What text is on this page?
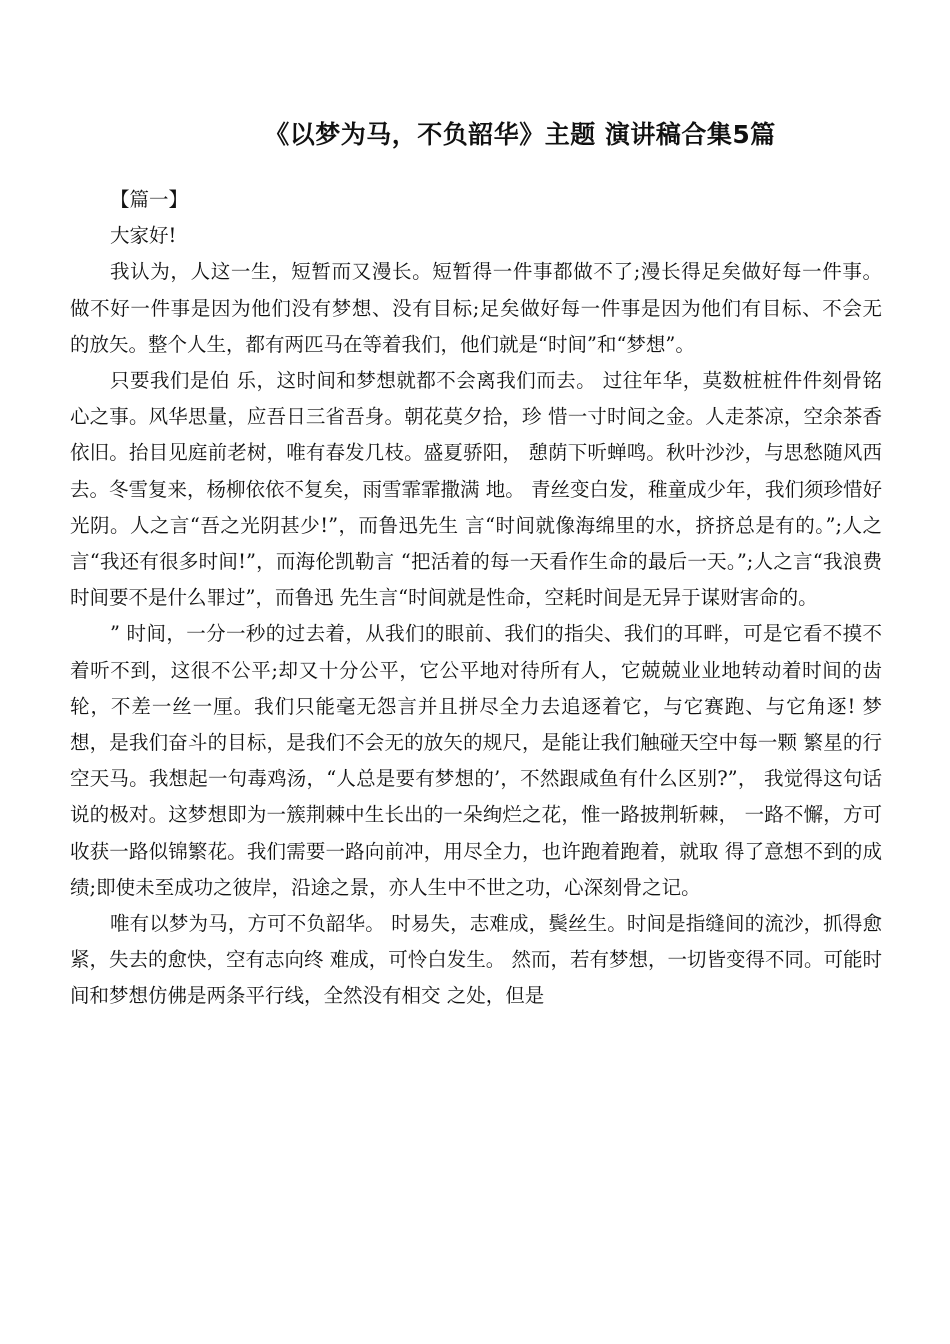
《以梦为马，不负韶华》主题 演讲稿合集5篇

【篇一】

大家好!

我认为，人这一生，短暂而又漫长。短暂得一件事都做不了;漫长得足矣做好每一件事。 做不好一件事是因为他们没有梦想、没有目标;足矣做好每一件事是因为他们有目标、不会无 的放矢。整个人生，都有两匹马在等着我们，他们就是“时间”和“梦想”。

只要我们是伯 乐，这时间和梦想就都不会离我们而去。 过往年华，莫数桩桩件件刻骨铭心之事。风华思量，应吾日三省吾身。朝花莫夕拾，珍 惜一寸时间之金。人走茶凉，空余茶香依旧。抬目见庭前老树，唯有春发几枝。盛夏骄阳， 憩荫下听蝉鸣。秋叶沙沙，与思愁随风西去。冬雪复来，杨柳依依不复矣，雨雪霏霏撒满 地。 青丝变白发，稚童成少年，我们须珍惜好光阴。人之言“吾之光阴甚少!”，而鲁迅先生 言“时间就像海绵里的水，挤挤总是有的。”;人之言“我还有很多时间!”，而海伦凯勒言 “把活着的每一天看作生命的最后一天。”;人之言“我浪费时间要不是什么罪过”，而鲁迅 先生言“时间就是性命，空耗时间是无异于谋财害命的。

” 时间，一分一秒的过去着，从我们的眼前、我们的指尖、我们的耳畔，可是它看不摸不 着听不到，这很不公平;却又十分公平，它公平地对待所有人，它兢兢业业地转动着时间的齿 轮，不差一丝一厘。我们只能毫无怨言并且拼尽全力去追逐着它，与它赛跑、与它角逐! 梦想，是我们奋斗的目标，是我们不会无的放矢的规尺，是能让我们触碰天空中每一颗 繁星的行空天马。我想起一句毒鸡汤，“人总是要有梦想的’，不然跟咸鱼有什么区别?”， 我觉得这句话说的极对。这梦想即为一簇荆棘中生长出的一朵绚烂之花，惟一路披荆斩棘， 一路不懈，方可收获一路似锦繁花。我们需要一路向前冲，用尽全力，也许跑着跑着，就取 得了意想不到的成绩;即使未至成功之彼岸，沿途之景，亦人生中不世之功，心深刻骨之记。

唯有以梦为马，方可不负韶华。 时易失，志难成，鬓丝生。时间是指缝间的流沙，抓得愈紧，失去的愈快，空有志向终 难成，可怜白发生。 然而，若有梦想，一切皆变得不同。可能时间和梦想仿佛是两条平行线，全然没有相交 之处，但是
